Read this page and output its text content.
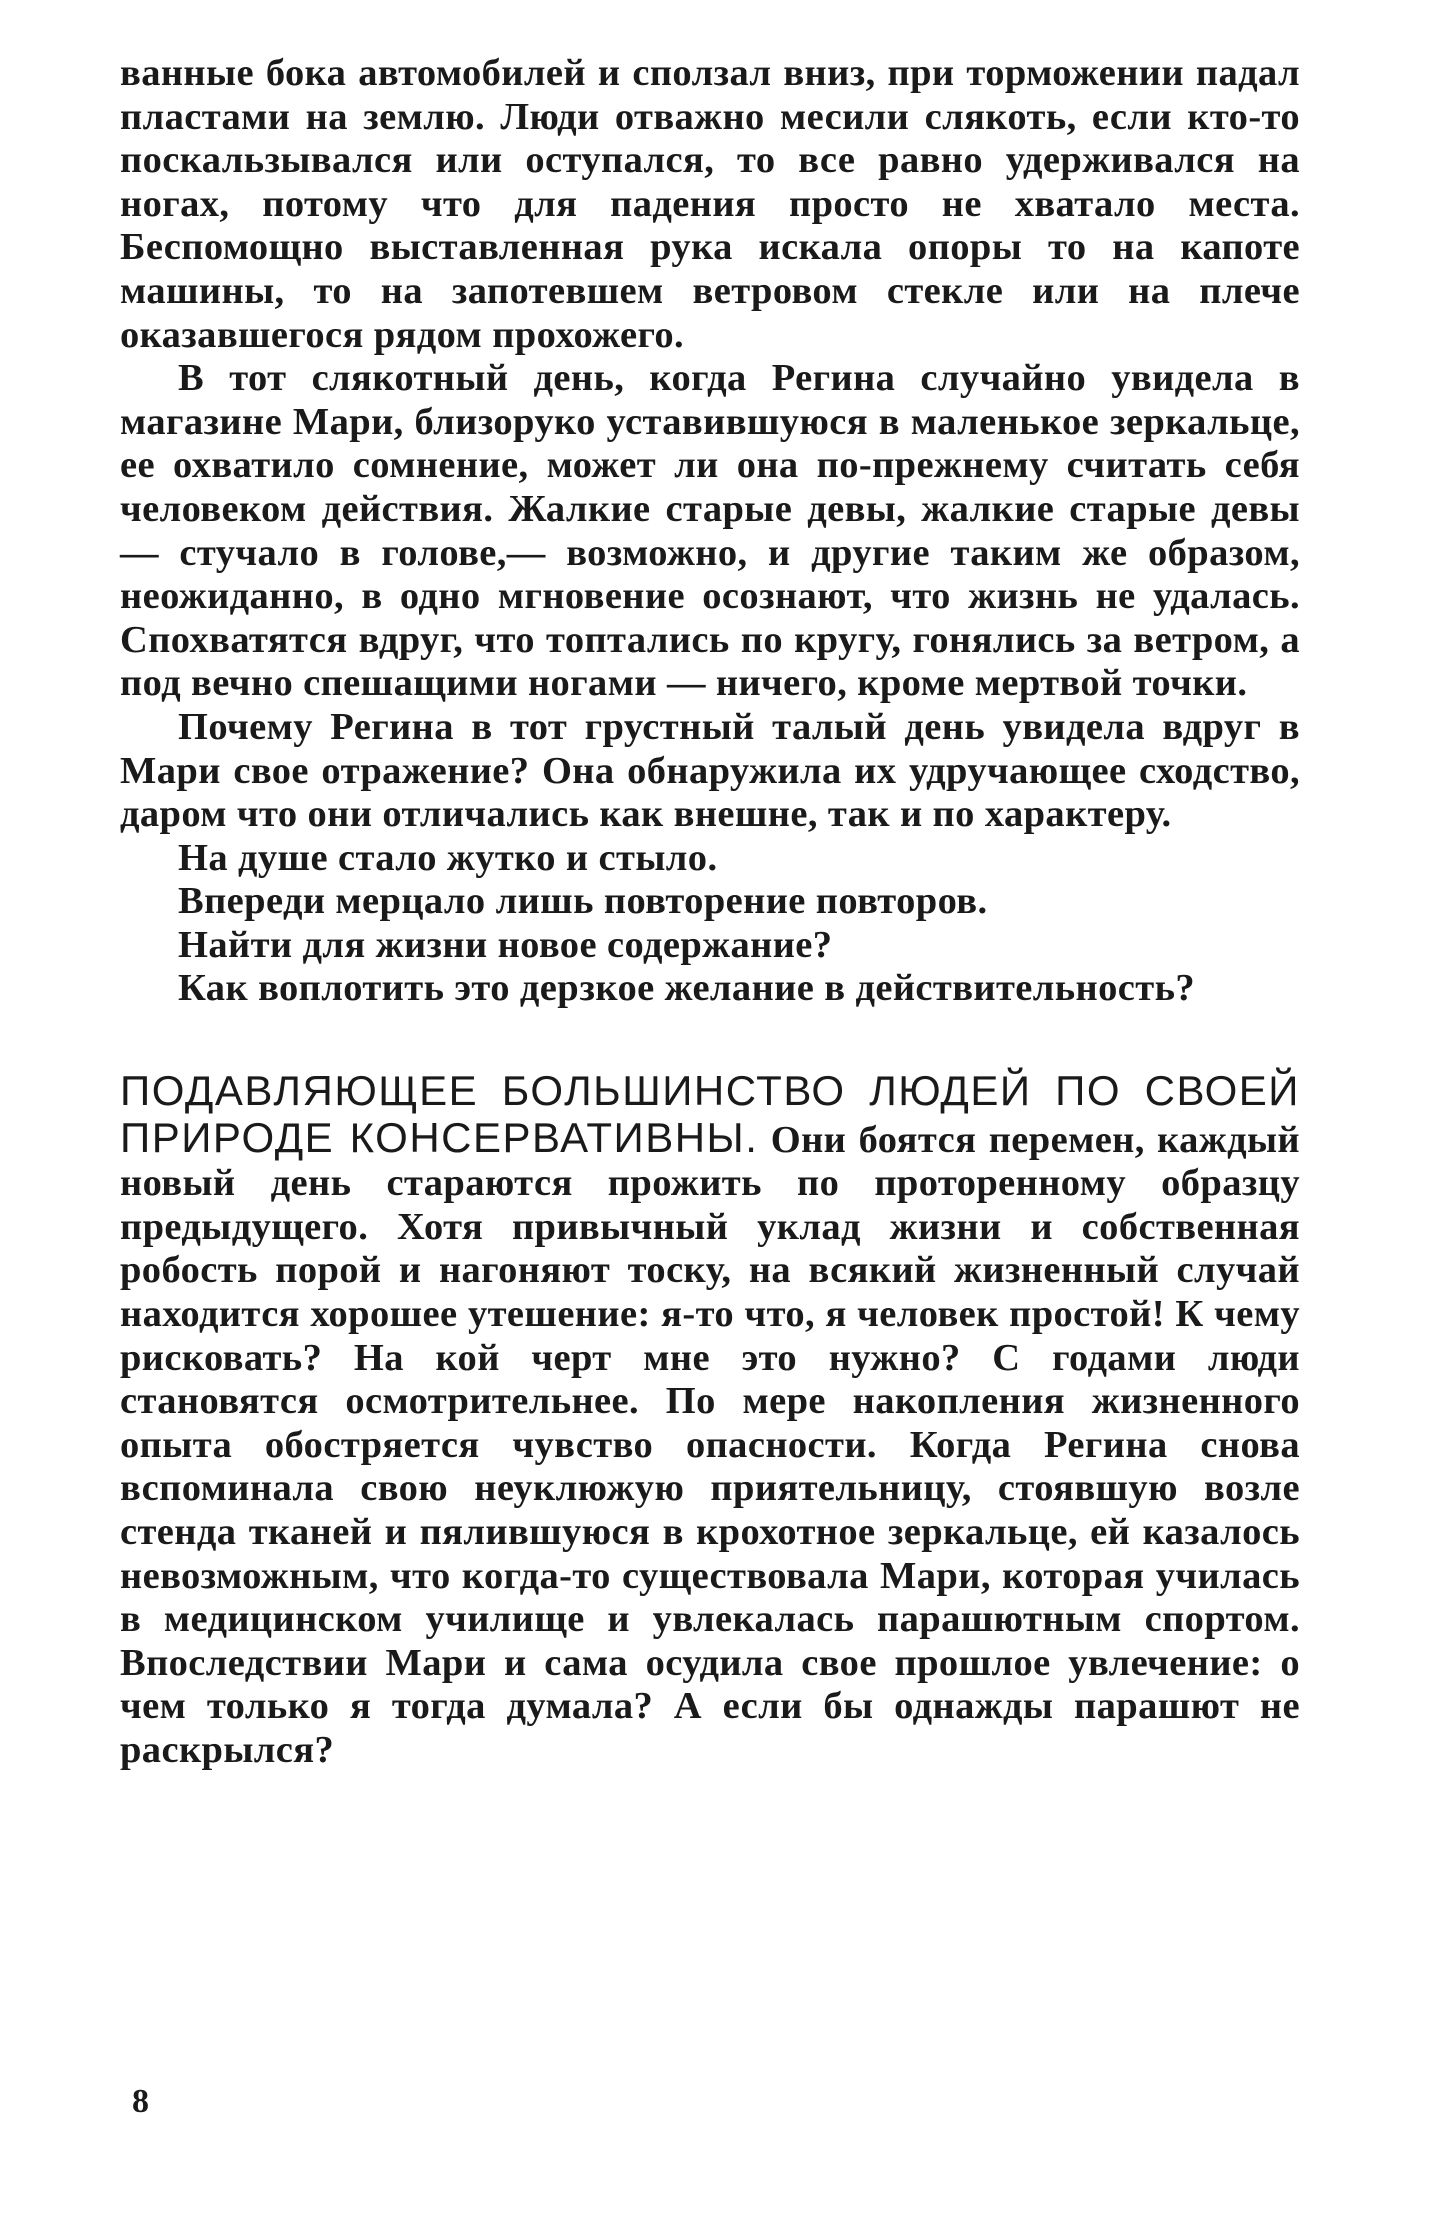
ванные бока автомобилей и сползал вниз, при торможении падал пластами на землю. Люди отважно месили слякоть, если кто-то поскальзывался или оступался, то все равно удерживался на ногах, потому что для падения просто не хватало места. Беспомощно выставленная рука искала опоры то на капоте машины, то на запотевшем ветровом стекле или на плече оказавшегося рядом прохожего.

В тот слякотный день, когда Регина случайно увидела в магазине Мари, близоруко уставившуюся в маленькое зеркальце, ее охватило сомнение, может ли она по-прежнему считать себя человеком действия. Жалкие старые девы, жалкие старые девы — стучало в голове,— возможно, и другие таким же образом, неожиданно, в одно мгновение осознают, что жизнь не удалась. Спохватятся вдруг, что топтались по кругу, гонялись за ветром, а под вечно спешащими ногами — ничего, кроме мертвой точки.

Почему Регина в тот грустный талый день увидела вдруг в Мари свое отражение? Она обнаружила их удручающее сходство, даром что они отличались как внешне, так и по характеру.

На душе стало жутко и стыло.

Впереди мерцало лишь повторение повторов.

Найти для жизни новое содержание?

Как воплотить это дерзкое желание в действительность?

ПОДАВЛЯЮЩЕЕ БОЛЬШИНСТВО ЛЮДЕЙ ПО СВОЕЙ ПРИРОДЕ КОНСЕРВАТИВНЫ. Они боятся перемен, каждый новый день стараются прожить по проторенному образцу предыдущего. Хотя привычный уклад жизни и собственная робость порой и нагоняют тоску, на всякий жизненный случай находится хорошее утешение: я-то что, я человек простой! К чему рисковать? На кой черт мне это нужно? С годами люди становятся осмотрительнее. По мере накопления жизненного опыта обостряется чувство опасности. Когда Регина снова вспоминала свою неуклюжую приятельницу, стоявшую возле стенда тканей и пялившуюся в крохотное зеркальце, ей казалось невозможным, что когда-то существовала Мари, которая училась в медицинском училище и увлекалась парашютным спортом. Впоследствии Мари и сама осудила свое прошлое увлечение: о чем только я тогда думала? А если бы однажды парашют не раскрылся?

8
